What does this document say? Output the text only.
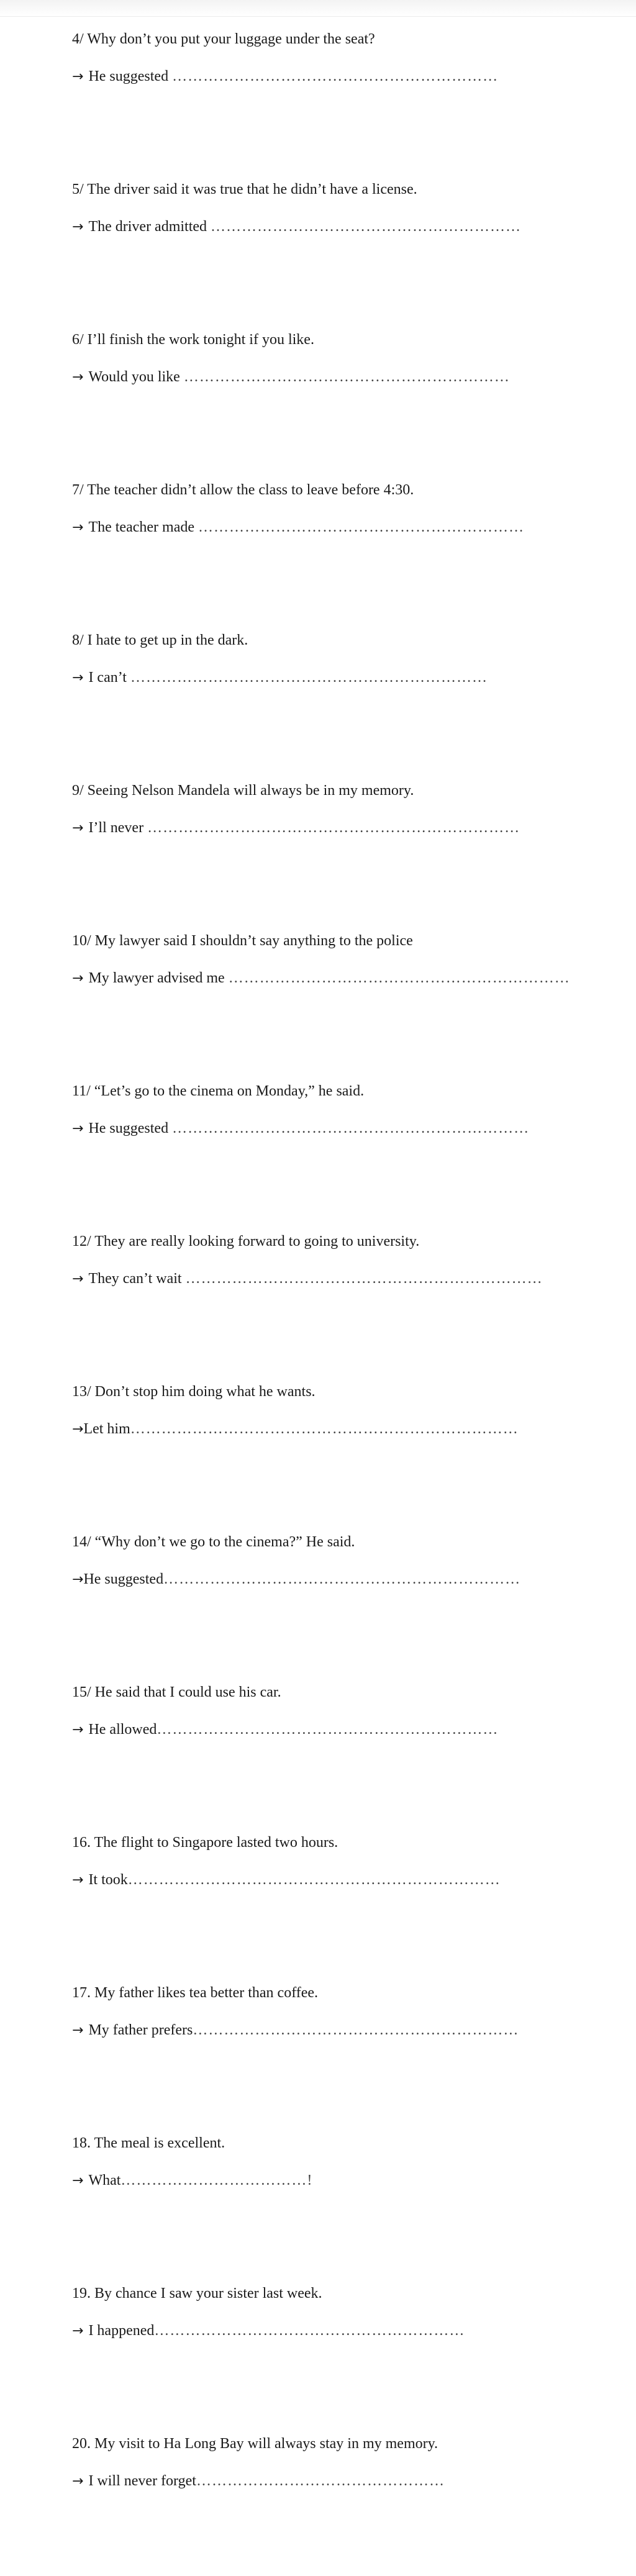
4/ Why don’t you put your luggage under the seat?
→ He suggested ………………………………………………………
5/ The driver said it was true that he didn’t have a license.
→ The driver admitted ……………………………………………………
6/ I’ll finish the work tonight if you like.
→ Would you like ………………………………………………………
7/ The teacher didn’t allow the class to leave before 4:30.
→ The teacher made ………………………………………………………
8/ I hate to get up in the dark.
→ I can’t ……………………………………………………………
9/ Seeing Nelson Mandela will always be in my memory.
→ I’ll never ………………………………………………………………
10/ My lawyer said I shouldn’t say anything to the police
→ My lawyer advised me …………………………………………………………
11/ “Let’s go to the cinema on Monday,” he said.
→ He suggested ……………………………………………………………
12/ They are really looking forward to going to university.
→ They can’t wait ……………………………………………………………
13/ Don’t stop him doing what he wants.
→Let him…………………………………………………………………
14/ “Why don’t we go to the cinema?” He said.
→He suggested……………………………………………………………
15/ He said that I could use his car.
→ He allowed…………………………………………………………
16. The flight to Singapore lasted two hours.
→ It took………………………………………………………………
17. My father likes tea better than coffee.
→ My father prefers………………………………………………………
18. The meal is excellent.
→ What………………………………!
19. By chance I saw your sister last week.
→ I happened……………………………………………………
20. My visit to Ha Long Bay will always stay in my memory.
→ I will never forget…………………………………………
